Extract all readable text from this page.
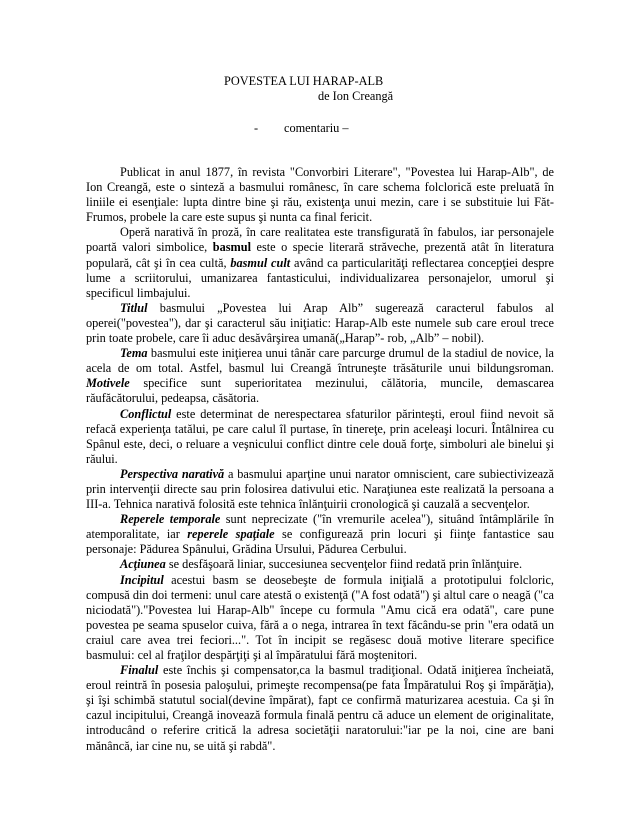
POVESTEA LUI HARAP-ALB
de Ion Creangă
- comentariu –

Publicat in anul 1877, în revista "Convorbiri Literare", "Povestea lui Harap-Alb", de Ion Creangă, este o sinteză a basmului românesc, în care schema folclorică este preluată în liniile ei esenţiale: lupta dintre bine şi rău, existenţa unui mezin, care i se substituie lui Făt-Frumos, probele la care este supus şi nunta ca final fericit.

Operă narativă în proză, în care realitatea este transfigurată în fabulos, iar personajele poartă valori simbolice, basmul este o specie literară străveche, prezentă atât în literatura populară, cât şi în cea cultă, basmul cult având ca particularităţi reflectarea concepţiei despre lume a scriitorului, umanizarea fantasticului, individualizarea personajelor, umorul şi specificul limbajului.

Titlul basmului „Povestea lui Arap Alb” sugerează caracterul fabulos al operei("povestea"), dar şi caracterul său iniţiatic: Harap-Alb este numele sub care eroul trece prin toate probele, care îi aduc desăvârşirea umană(„Harap”- rob, „Alb” – nobil).

Tema basmului este iniţierea unui tânăr care parcurge drumul de la stadiul de novice, la acela de om total. Astfel, basmul lui Creangă întruneşte trăsăturile unui bildungsroman. Motivele specifice sunt superioritatea mezinului, călătoria, muncile, demascarea răufăcătorului, pedeapsa, căsătoria.

Conflictul este determinat de nerespectarea sfaturilor părinteşti, eroul fiind nevoit să refacă experienţa tatălui, pe care calul îl purtase, în tinereţe, prin aceleaşi locuri. Întâlnirea cu Spânul este, deci, o reluare a veşnicului conflict dintre cele două forţe, simboluri ale binelui şi răului.

Perspectiva narativă a basmului aparţine unui narator omniscient, care subiectivizează prin intervenţii directe sau prin folosirea dativului etic. Naraţiunea este realizată la persoana a III-a. Tehnica narativă folosită este tehnica înlănţuirii cronologică şi cauzală a secvenţelor.

Reperele temporale sunt neprecizate ("în vremurile acelea"), situând întâmplările în atemporalitate, iar reperele spaţiale se configurează prin locuri şi fiinţe fantastice sau personaje: Pădurea Spânului, Grădina Ursului, Pădurea Cerbului.

Acţiunea se desfăşoară liniar, succesiunea secvenţelor fiind redată prin înlănţuire.

Incipitul acestui basm se deosebeşte de formula iniţială a prototipului folcloric, compusă din doi termeni: unul care atestă o existenţă ("A fost odată") şi altul care o neagă ("ca niciodată")."Povestea lui Harap-Alb" începe cu formula "Amu cică era odată", care pune povestea pe seama spuselor cuiva, fără a o nega, intrarea în text făcându-se prin "era odată un craiul care avea trei feciori...". Tot în incipit se regăsesc două motive literare specifice basmului: cel al fraţilor despărţiţi şi al împăratului fără moştenitori.

Finalul este închis şi compensator,ca la basmul tradiţional. Odată iniţierea încheiată, eroul reintră în posesia paloşului, primeşte recompensa(pe fata Împăratului Roş şi împărăţia), şi îşi schimbă statutul social(devine împărat), fapt ce confirmă maturizarea acestuia. Ca şi în cazul incipitului, Creangă inovează formula finală pentru că aduce un element de originalitate, introducând o referire critică la adresa societăţii naratorului:"iar pe la noi, cine are bani mănâncă, iar cine nu, se uită şi rabdă".
